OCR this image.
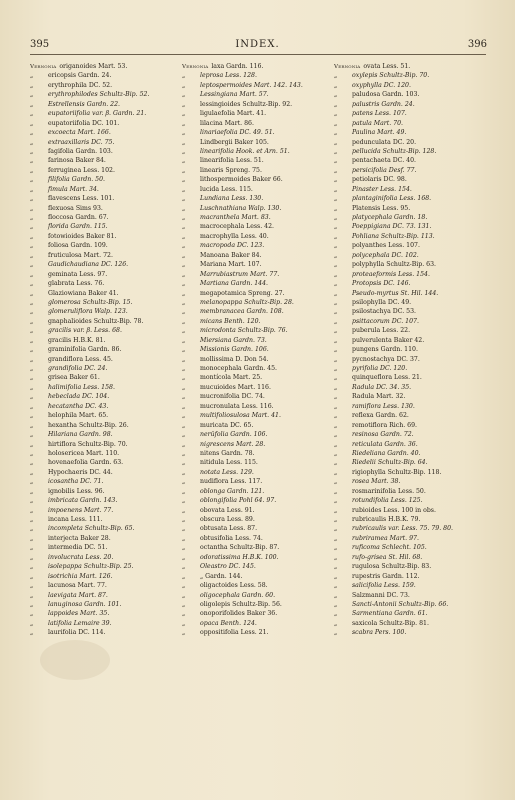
395	INDEX.	396
Vernonia origanoides Mart. 53.
„ ericopsis Gardn. 24.
„ erythrophila DC. 52.
„ erythrophilodes Schultz-Bip. 52.
„ Estrellensis Gardn. 22.
„ eupatoriifolia var. β. Gardn. 21.
„ eupatoriifolia DC. 101.
„ excoecta Mart. 166.
„ extraaxillaris DC. 75.
„ fagifolia Gardn. 103.
„ farinosa Baker 84.
„ ferruginea Less. 102.
„ filifolia Gardn. 50.
„ fimula Mart. 34.
„ flavescens Less. 101.
„ flexuosa Sims 93.
„ floccosa Gardn. 67.
„ florida Gardn. 115.
„ fotowioides Baker 81.
„ foliosa Gardn. 109.
„ fruticulosa Mart. 72.
„ Gaudichaudiana DC. 126.
„ geminata Less. 97.
„ glabrata Less. 76.
„ Glaziowiana Baker 41.
„ glomerosa Schultz-Bip. 15.
„ glomeruliflora Walp. 123.
„ gnaphalioides Schultz-Bip. 78.
„ gracilis var. β. Less. 68.
„ gracilis H.B.K. 81.
„ graminifolia Gardn. 86.
„ grandiflora Less. 45.
„ grandifolia DC. 24.
„ grisea Baker 61.
„ halimifolia Less. 158.
„ hebeclada DC. 104.
„ hecatantha DC. 43.
„ helophila Mart. 65.
„ hexantha Schultz-Bip. 26.
„ Hilariana Gardn. 98.
„ hirtiflora Schultz-Bip. 70.
„ holosericea Mart. 110.
„ hovenaefolia Gardn. 63.
„ Hypochaeris DC. 44.
„ icosantha DC. 71.
„ ignobilis Less. 96.
„ imbricata Gardn. 143.
„ impoenens Mart. 77.
„ incana Less. 111.
„ incompleta Schultz-Bip. 65.
„ interjecta Baker 28.
„ intermedia DC. 51.
„ involucrata Less. 20.
„ isolepappa Schultz-Bip. 25.
„ isotrichia Mart. 126.
„ lacunosa Mart. 77.
„ laevigata Mart. 87.
„ lanuginosa Gardn. 101.
„ lappoides Mart. 35.
„ latifolia Lemaire 39.
„ laurifolia DC. 114.
Vernonia laxa Gardn. 116.
„ leprosa Less. 128.
„ leptospermoides Mart. 142. 143.
„ Lessingiana Mart. 57.
„ lessingioides Schultz-Bip. 92.
„ ligulaefolia Mart. 41.
„ lilacina Mart. 86.
„ linariaefolia DC. 49. 51.
„ Lindbergii Baker 105.
„ linearifolia Hook. et Arn. 51.
„ linearifolia Less. 51.
„ linearis Spreng. 75.
„ lithospermoides Baker 66.
„ lucida Less. 115.
„ Lundiana Less. 130.
„ Luschnathiana Walp. 130.
„ macranthela Mart. 83.
„ macrocephala Less. 42.
„ macrophylla Less. 40.
„ macropoda DC. 123.
„ Manoana Baker 84.
„ Mariana Mart. 107.
„ Marrubiastrum Mart. 77.
„ Martiana Gardn. 144.
„ megapotamica Spreng. 27.
„ melanopappa Schultz-Bip. 28.
„ membranacea Gardn. 108.
„ micans Benth. 120.
„ microdonta Schultz-Bip. 76.
„ Miersiana Gardn. 73.
„ Missionis Gardn. 106.
„ mollissima D. Don 54.
„ monocephala Gardn. 45.
„ montícola Mart. 25.
„ mucuioides Mart. 116.
„ mucronifolia DC. 74.
„ mucronulata Less. 116.
„ multifoliosulosa Mart. 41.
„ muricata DC. 65.
„ nerüfolia Gardn. 106.
„ nigrescens Mart. 28.
„ nitens Gardn. 78.
„ nitidula Less. 115.
„ notata Less. 129.
„ nudiflora Less. 117.
„ oblonga Gardn. 121.
„ oblongifolia Pohl 64. 97.
„ obovata Less. 91.
„ obscura Less. 89.
„ obtusata Less. 87.
„ obtusifolia Less. 74.
„ octantha Schultz-Bip. 87.
„ odoratissima H.B.K. 100.
„ Oleastro DC. 145.
„ „ Gardn. 144.
„ oligactoides Less. 58.
„ oligocephala Gardn. 60.
„ oligolepis Schultz-Bip. 56.
„ onoporifolides Baker 36.
„ opaca Benth. 124.
„ oppositifolia Less. 21.
Vernonia ovata Less. 51.
„ oxylepis Schultz-Bip. 70.
„ oxyphylla DC. 120.
„ paludosa Gardn. 103.
„ palustris Gardn. 24.
„ patens Less. 107.
„ patula Mart. 70.
„ Paulina Mart. 49.
„ pedunculata DC. 20.
„ pellucida Schultz-Bip. 128.
„ pentachaeta DC. 40.
„ persicifolia Desf. 77.
„ petiolaris DC. 98.
„ Pinaster Less. 154.
„ plantaginifolia Less. 168.
„ Platensis Less. 95.
„ platycephala Gardn. 18.
„ Poeppigiana DC. 73. 131.
„ Pohliana Schultz-Bip. 113.
„ polyanthes Less. 107.
„ polycephala DC. 102.
„ polyphylla Schultz-Bip. 63.
„ proteaeformis Less. 154.
„ Protopsis DC. 146.
„ Pseudo-myrtus St. Hil. 144.
„ psilophylla DC. 49.
„ psilostachya DC. 53.
„ psittacorum DC. 107.
„ puberula Less. 22.
„ pulverulenta Baker 42.
„ pungens Gardn. 110.
„ pycnostachya DC. 37.
„ pyrifolia DC. 120.
„ quinqueflora Less. 21.
„ Radula DC. 34. 35.
„ Radula Mart. 32.
„ ramiflora Less. 130.
„ reflexa Gardn. 62.
„ remotiflora Rich. 69.
„ resinosa Gardn. 72.
„ reticulata Gardn. 36.
„ Riedeliana Gardn. 40.
„ Riedelii Schultz-Bip. 64.
„ rigiophylla Schultz-Bip. 118.
„ rosea Mart. 38.
„ rosmarinifolia Less. 50.
„ rotundifolia Less. 125.
„ rubioides Less. 100 in obs.
„ rubricaulis H.B.K. 79.
„ rubricaulis var. Less. 75. 79. 80.
„ rubriramea Mart. 97.
„ ruficoma Schlecht. 105.
„ rufo-grisea St. Hil. 68.
„ rugulosa Schultz-Bip. 83.
„ rupestris Gardn. 112.
„ salicifolia Less. 159.
„ Salzmanni DC. 73.
„ Sancti-Antonii Schultz-Bip. 66.
„ Sarmentiana Gardn. 61.
„ saxicola Schultz-Bip. 81.
„ scabra Pers. 100.
